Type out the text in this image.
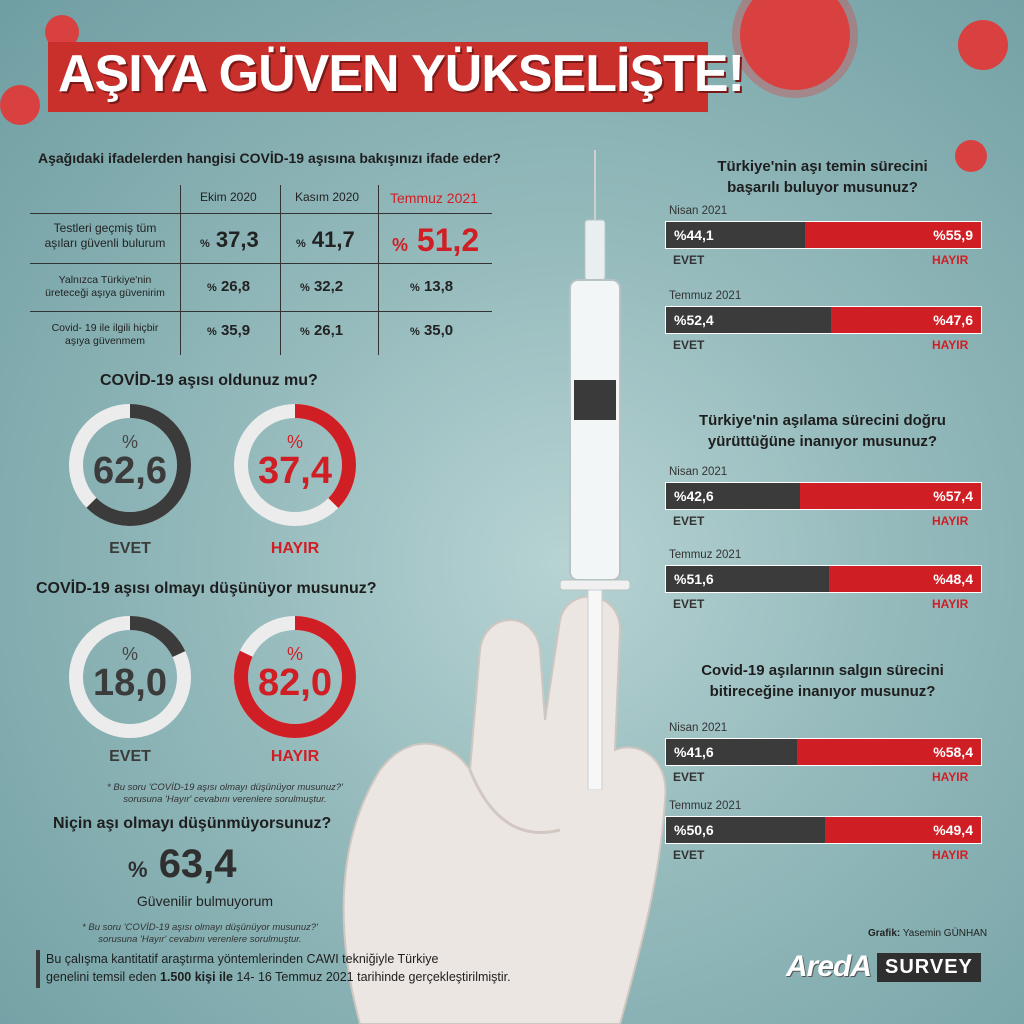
AŞIYA GÜVEN YÜKSELİŞTE!
Aşağıdaki ifadelerden hangisi COVİD-19 aşısına bakışınızı ifade eder?
Ekim 2020	Kasım 2020 Temmuz 2021
Testleri geçmiş tüm
aşıları güvenli bulurum	% 37,3	% 41,7 % 51,2
Yalnızca Türkiye'nin
üreteceği aşıya güvenirim	% 26,8	% 32,2	% 13,8
Covid- 19 ile ilgili hiçbir
aşıya güvenmem
% 35,9	% 26,1	% 35,0
COVİD-19 aşısı oldunuz mu?
%
62,6
EVET
%
37,4
HAYIR
COVİD-19 aşısı olmayı düşünüyor musunuz?
%
18,0
EVET
%
82,0
HAYIR
* Bu soru 'COVİD-19 aşısı olmayı düşünüyor musunuz?'
sorusuna 'Hayır' cevabını verenlere sorulmuştur.
Niçin aşı olmayı düşünmüyorsunuz?
% 63,4
Güvenilir bulmuyorum
* Bu soru 'COVİD-19 aşısı olmayı düşünüyor musunuz?'
sorusuna 'Hayır' cevabını verenlere sorulmuştur.
Bu çalışma kantitatif araştırma yöntemlerinden CAWI tekniğiyle Türkiye
genelini temsil eden 1.500 kişi ile 14- 16 Temmuz 2021 tarihinde gerçekleştirilmiştir.
Grafik: Yasemin GÜNHAN
AredA SURVEY
Türkiye'nin aşı temin sürecini
başarılı buluyor musunuz?
Nisan 2021
%44,1	%55,9
EVET	HAYIR
Temmuz 2021
%52,4	%47,6
EVET	HAYIR
Türkiye'nin aşılama sürecini doğru
yürüttüğüne inanıyor musunuz?
Nisan 2021
%42,6	%57,4
EVET	HAYIR
Temmuz 2021
%51,6	%48,4
EVET	HAYIR
Covid-19 aşılarının salgın sürecini
bitireceğine inanıyor musunuz?
Nisan 2021
%41,6	%58,4
EVET	HAYIR
Temmuz 2021
%50,6	%49,4
EVET	HAYIR
